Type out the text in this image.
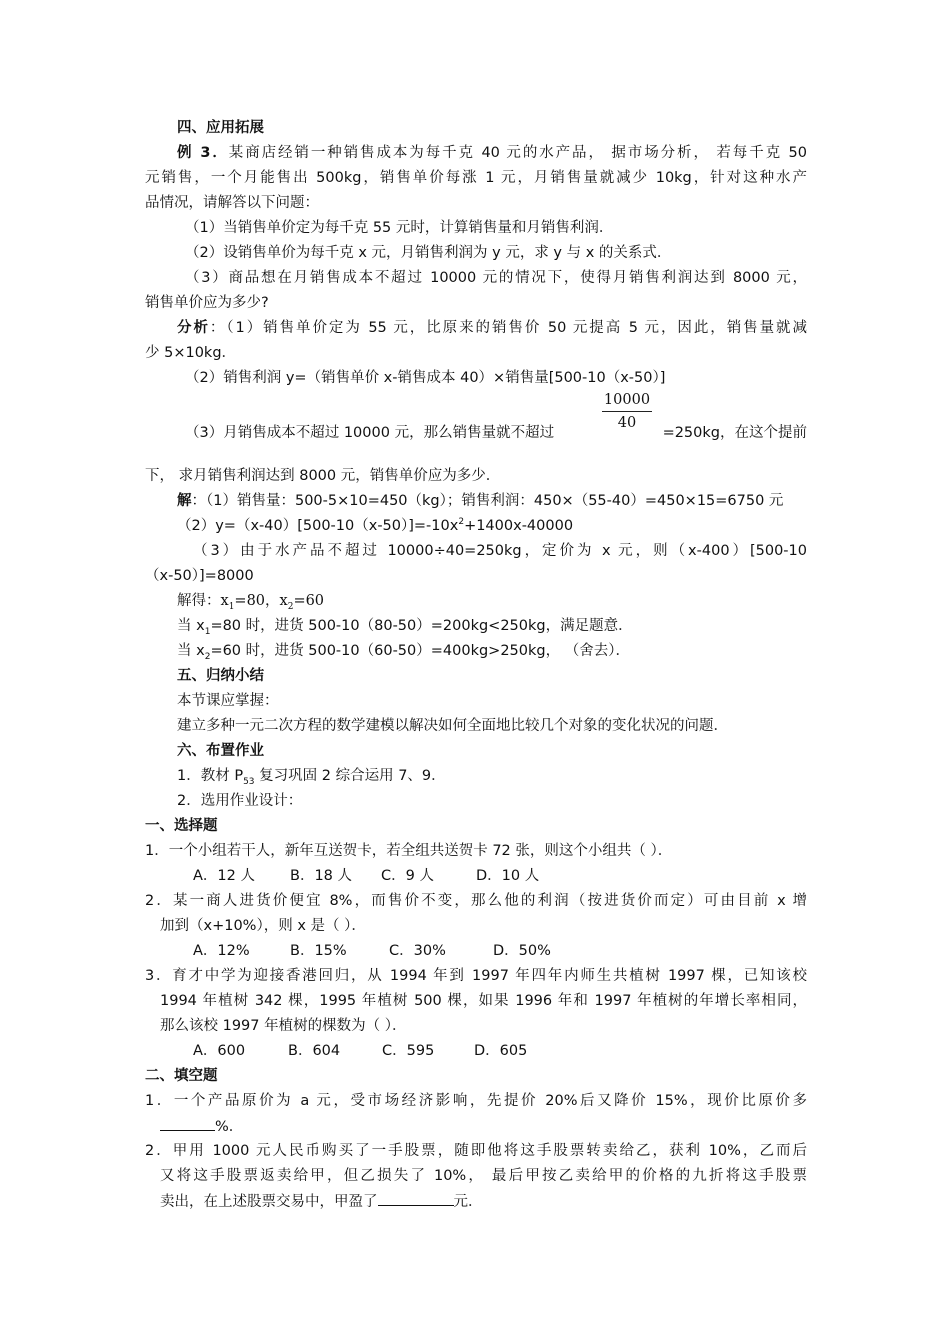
四、应用拓展
例 3．某商店经销一种销售成本为每千克 40 元的水产品， 据市场分析， 若每千克 50
元销售，一个月能售出 500kg，销售单价每涨 1 元，月销售量就减少 10kg，针对这种水产
品情况，请解答以下问题：
（1）当销售单价定为每千克 55 元时，计算销售量和月销售利润．
（2）设销售单价为每千克 x 元，月销售利润为 y 元，求 y 与 x 的关系式．
（3）商品想在月销售成本不超过 10000 元的情况下，使得月销售利润达到 8000 元，
销售单价应为多少?
分析：（1）销售单价定为 55 元，比原来的销售价 50 元提高 5 元，因此，销售量就减
少 5×10kg．
（2）销售利润 y=（销售单价 x-销售成本 40）×销售量[500-10（x-50）]
（3）月销售成本不超过 10000 元，那么销售量就不超过
10000
40
=250kg，在这个提前
下， 求月销售利润达到 8000 元，销售单价应为多少．
解：（1）销售量：500-5×10=450（kg）；销售利润：450×（55-40）=450×15=6750 元
$(2)y=(x-40)[500-10(x-50)]=-10x^2+1400x-40000$
（3）由于水产品不超过 10000÷40=250kg，定价为 x 元，则（x-400）[500-10
（x-50）]=8000
解得：$x_1=80$，$x_2=60$
当 $x_1=80$ 时，进货 500-10（80-50）=200kg<250kg，满足题意．
当 $x_2=60$ 时，进货 500-10（60-50）=400kg>250kg， （舍去）．
五、归纳小结
本节课应掌握：
建立多种一元二次方程的数学建模以解决如何全面地比较几个对象的变化状况的问题．
六、布置作业
1．教材 $P_{53}$ 复习巩固 2 综合运用 7、9．
2．选用作业设计：
一、选择题
1．一个小组若干人，新年互送贺卡，若全组共送贺卡 72 张，则这个小组共（ ）．
A．12 人 B．18 人 C．9 人	D．10 人
2．某一商人进货价便宜 8%，而售价不变，那么他的利润（按进货价而定）可由目前 x 增
加到（x+10%），则 x 是（ ）．
A．12%	B．15%	C．30%	D．50%
3．育才中学为迎接香港回归，从 1994 年到 1997 年四年内师生共植树 1997 棵，已知该校
1994 年植树 342 棵，1995 年植树 500 棵，如果 1996 年和 1997 年植树的年增长率相同，
那么该校 1997 年植树的棵数为（ ）．
A．600	B．604	C．595	D．605
二、填空题
1．一个产品原价为 a 元，受市场经济影响，先提价 20%后又降价 15%，现价比原价多
%．
2．甲用 1000 元人民币购买了一手股票，随即他将这手股票转卖给乙，获利 10%，乙而后
又将这手股票返卖给甲，但乙损失了 10%， 最后甲按乙卖给甲的价格的九折将这手股票
卖出，在上述股票交易中，甲盈了	元．
